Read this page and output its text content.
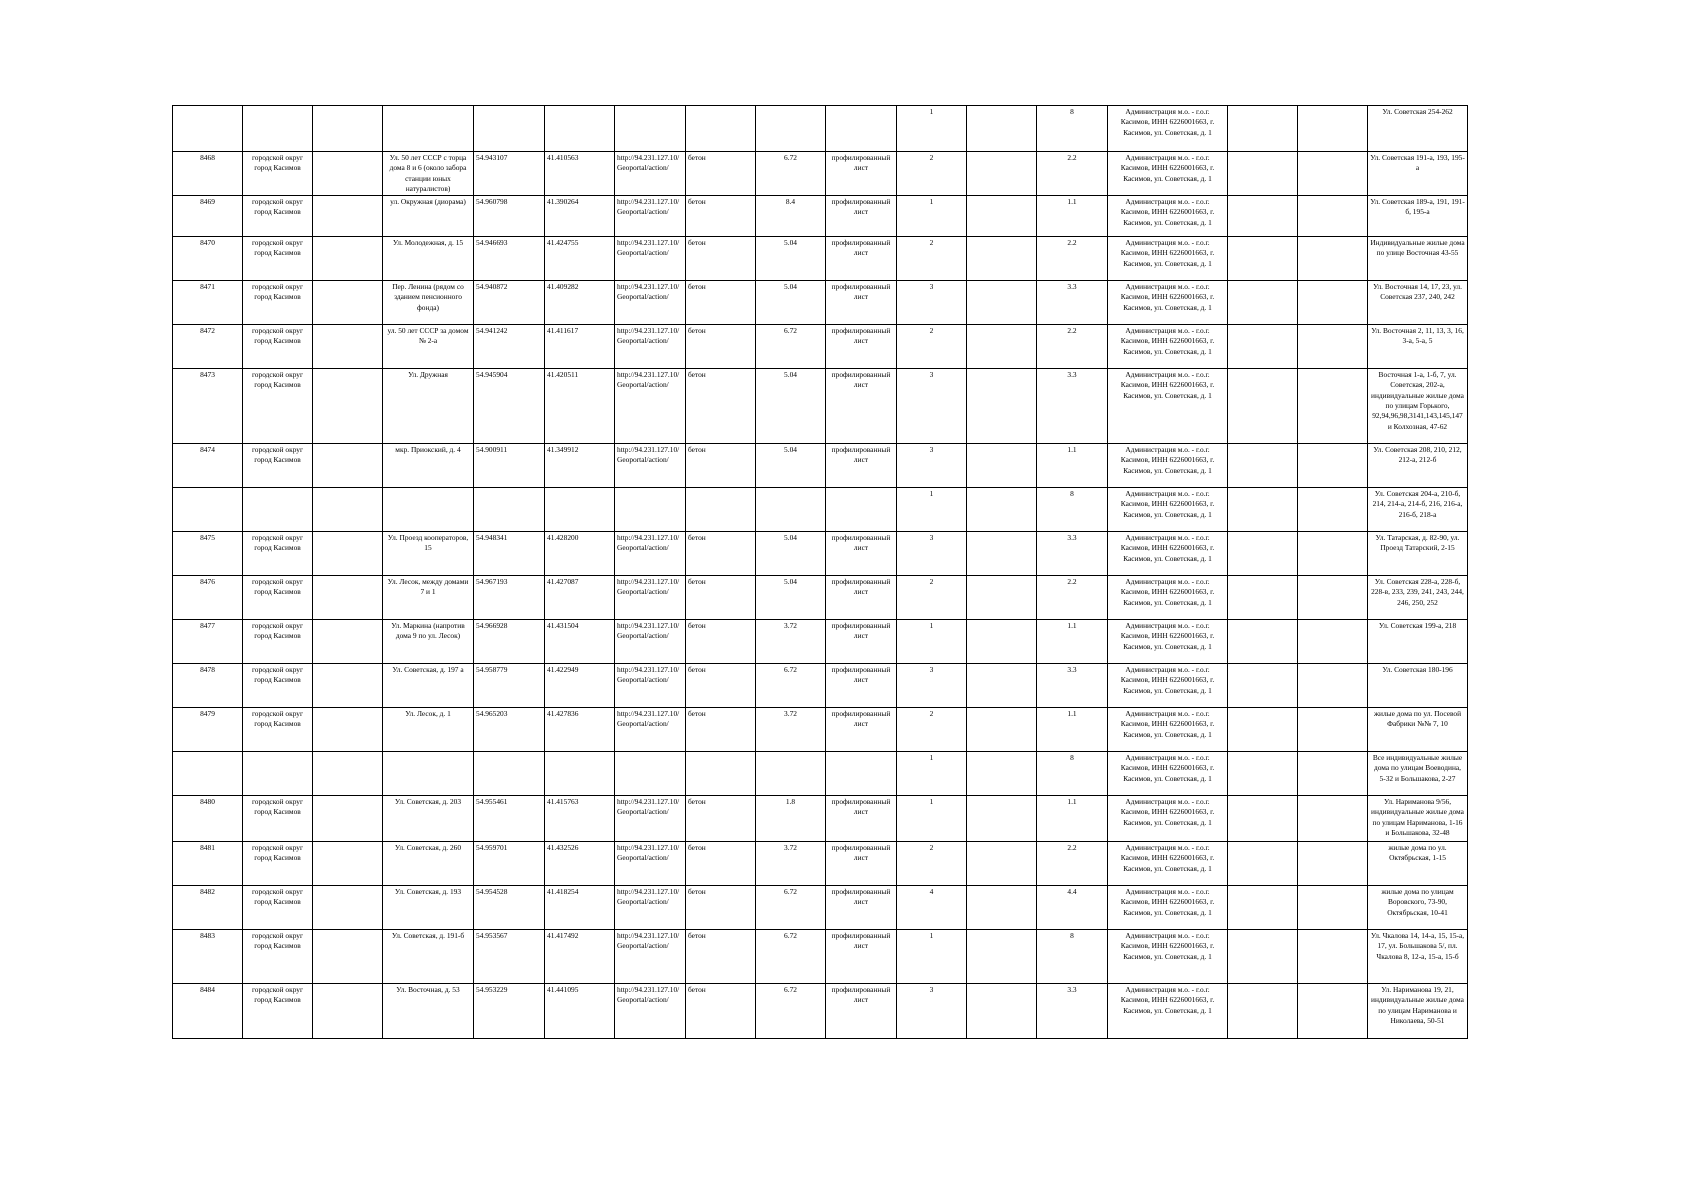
										1		8	Администрация м.о. - г.о.г. Касимов, ИНН 6226001663, г. Касимов, ул. Советская, д. 1			Ул. Советская 254-262
8468	городской округ город Касимов		Ул. 50 лет СССР с торца дома 8 и 6 (около забора станции юных натуралистов)	54.943107	41.410563	http://94.231.127.10/Geoportal/action/	бетон	6.72	профилированный лист	2		2.2	Администрация м.о. - г.о.г. Касимов, ИНН 6226001663, г. Касимов, ул. Советская, д. 1			Ул. Советская 191-а, 193, 195-а
8469	городской округ город Касимов		ул. Окружная (диорама)	54.960798	41.390264	http://94.231.127.10/Geoportal/action/	бетон	8.4	профилированный лист	1		1.1	Администрация м.о. - г.о.г. Касимов, ИНН 6226001663, г. Касимов, ул. Советская, д. 1			Ул. Советская 189-а, 191, 191-б, 195-а
8470	городской округ город Касимов		Ул. Молодежная, д. 15	54.946693	41.424755	http://94.231.127.10/Geoportal/action/	бетон	5.04	профилированный лист	2		2.2	Администрация м.о. - г.о.г. Касимов, ИНН 6226001663, г. Касимов, ул. Советская, д. 1			Индивидуальные жилые дома по улице Восточная 43-55
8471	городской округ город Касимов		Пер. Ленина (рядом со зданием пенсионного фонда)	54.940872	41.409282	http://94.231.127.10/Geoportal/action/	бетон	5.04	профилированный лист	3		3.3	Администрация м.о. - г.о.г. Касимов, ИНН 6226001663, г. Касимов, ул. Советская, д. 1			Ул. Восточная 14, 17, 23, ул. Советская 237, 240, 242
8472	городской округ город Касимов		ул. 50 лет СССР за домом № 2-а	54.941242	41.411617	http://94.231.127.10/Geoportal/action/	бетон	6.72	профилированный лист	2		2.2	Администрация м.о. - г.о.г. Касимов, ИНН 6226001663, г. Касимов, ул. Советская, д. 1			Ул. Восточная 2, 11, 13, 3, 16, 3-а, 5-а, 5
8473	городской округ город Касимов		Ул. Дружная	54.945904	41.420511	http://94.231.127.10/Geoportal/action/	бетон	5.04	профилированный лист	3		3.3	Администрация м.о. - г.о.г. Касимов, ИНН 6226001663, г. Касимов, ул. Советская, д. 1			Восточная 1-а, 1-б, 7, ул. Советская, 202-а, индивидуальные жилые дома по улицам Горького, 92,94,96,98,3141,143,145,147 и Колхозная, 47-62
8474	городской округ город Касимов		мкр. Приокский, д. 4	54.900911	41.349912	http://94.231.127.10/Geoportal/action/	бетон	5.04	профилированный лист	3		1.1	Администрация м.о. - г.о.г. Касимов, ИНН 6226001663, г. Касимов, ул. Советская, д. 1			Ул. Советская 208, 210, 212, 212-а, 212-б
										1		8	Администрация м.о. - г.о.г. Касимов, ИНН 6226001663, г. Касимов, ул. Советская, д. 1			Ул. Советская 204-а, 210-б, 214, 214-а, 214-б, 216, 216-а, 216-б, 218-а
8475	городской округ город Касимов		Ул. Проезд кооператоров, 15	54.948341	41.428200	http://94.231.127.10/Geoportal/action/	бетон	5.04	профилированный лист	3		3.3	Администрация м.о. - г.о.г. Касимов, ИНН 6226001663, г. Касимов, ул. Советская, д. 1			Ул. Татарская, д. 82-90, ул. Проезд Татарский, 2-15
8476	городской округ город Касимов		Ул. Лесок, между домами 7 и 1	54.967193	41.427087	http://94.231.127.10/Geoportal/action/	бетон	5.04	профилированный лист	2		2.2	Администрация м.о. - г.о.г. Касимов, ИНН 6226001663, г. Касимов, ул. Советская, д. 1			Ул. Советская 228-а, 228-б, 228-в, 233, 239, 241, 243, 244, 246, 250, 252
8477	городской округ город Касимов		Ул. Маркина (напротив дома 9 по ул. Лесок)	54.966928	41.431504	http://94.231.127.10/Geoportal/action/	бетон	3.72	профилированный лист	1		1.1	Администрация м.о. - г.о.г. Касимов, ИНН 6226001663, г. Касимов, ул. Советская, д. 1			Ул. Советская 199-а, 218
8478	городской округ город Касимов		Ул. Советская, д. 197 а	54.958779	41.422949	http://94.231.127.10/Geoportal/action/	бетон	6.72	профилированный лист	3		3.3	Администрация м.о. - г.о.г. Касимов, ИНН 6226001663, г. Касимов, ул. Советская, д. 1			Ул. Советская 180-196
8479	городской округ город Касимов		Ул. Лесок, д. 1	54.965203	41.427836	http://94.231.127.10/Geoportal/action/	бетон	3.72	профилированный лист	2		1.1	Администрация м.о. - г.о.г. Касимов, ИНН 6226001663, г. Касимов, ул. Советская, д. 1			жилые дома по ул. Посевой Фабрики №№ 7, 10
										1		8	Администрация м.о. - г.о.г. Касимов, ИНН 6226001663, г. Касимов, ул. Советская, д. 1			Все индивидуальные жилые дома по улицам Воеводина, 5-32 и Большакова, 2-27
8480	городской округ город Касимов		Ул. Советская, д. 203	54.955461	41.415763	http://94.231.127.10/Geoportal/action/	бетон	1.8	профилированный лист	1		1.1	Администрация м.о. - г.о.г. Касимов, ИНН 6226001663, г. Касимов, ул. Советская, д. 1			Ул. Нариманова 9/56, индивидуальные жилые дома по улицам Нариманова, 1-16 и Большакова, 32-48
8481	городской округ город Касимов		Ул. Советская, д. 260	54.959701	41.432526	http://94.231.127.10/Geoportal/action/	бетон	3.72	профилированный лист	2		2.2	Администрация м.о. - г.о.г. Касимов, ИНН 6226001663, г. Касимов, ул. Советская, д. 1			жилые дома по ул. Октябрьская, 1-15
8482	городской округ город Касимов		Ул. Советская, д. 193	54.954528	41.418254	http://94.231.127.10/Geoportal/action/	бетон	6.72	профилированный лист	4		4.4	Администрация м.о. - г.о.г. Касимов, ИНН 6226001663, г. Касимов, ул. Советская, д. 1			жилые дома по улицам Воровского, 73-90, Октябрьская, 10-41
8483	городской округ город Касимов		Ул. Советская, д. 191-б	54.953567	41.417492	http://94.231.127.10/Geoportal/action/	бетон	6.72	профилированный лист	1		8	Администрация м.о. - г.о.г. Касимов, ИНН 6226001663, г. Касимов, ул. Советская, д. 1			Ул. Чкалова 14, 14-а, 15, 15-а, 17, ул. Большакова 5/, пл. Чкалова 8, 12-а, 15-а, 15-б
8484	городской округ город Касимов		Ул. Восточная, д. 53	54.953229	41.441095	http://94.231.127.10/Geoportal/action/	бетон	6.72	профилированный лист	3		3.3	Администрация м.о. - г.о.г. Касимов, ИНН 6226001663, г. Касимов, ул. Советская, д. 1			Ул. Нариманова 19, 21, индивидуальные жилые дома по улицам Нариманова и Николаева, 50-51
